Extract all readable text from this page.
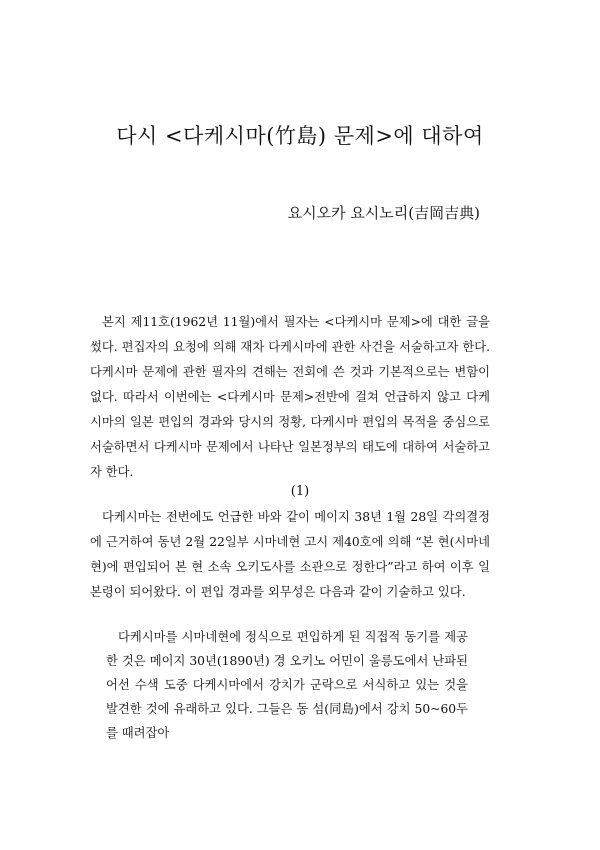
다시 <다케시마(竹島) 문제>에 대하여

요시오카 요시노리(吉岡吉典)

본지 제11호(1962년 11월)에서 필자는 <다케시마 문제>에 대한 글을 썼다. 편집자의 요청에 의해 재차 다케시마에 관한 사건을 서술하고자 한다. 다케시마 문제에 관한 필자의 견해는 전회에 쓴 것과 기본적으로는 변함이 없다. 따라서 이번에는 <다케시마 문제>전반에 걸쳐 언급하지 않고 다케시마의 일본 편입의 경과와 당시의 정황, 다케시마 편입의 목적을 중심으로 서술하면서 다케시마 문제에서 나타난 일본정부의 태도에 대하여 서술하고자 한다.

(1)

다케시마는 전번에도 언급한 바와 같이 메이지 38년 1월 28일 각의결정에 근거하여 동년 2월 22일부 시마네현 고시 제40호에 의해 “본 현(시마네현)에 편입되어 본 현 소속 오키도사를 소관으로 정한다”라고 하여 이후 일본령이 되어왔다. 이 편입 경과를 외무성은 다음과 같이 기술하고 있다.

다케시마를 시마네현에 정식으로 편입하게 된 직접적 동기를 제공한 것은 메이지 30년(1890년) 경 오키노 어민이 울릉도에서 난파된 어선 수색 도중 다케시마에서 강치가 군락으로 서식하고 있는 것을 발견한 것에 유래하고 있다. 그들은 동 섬(同島)에서 강치 50~60두를 때려잡아
